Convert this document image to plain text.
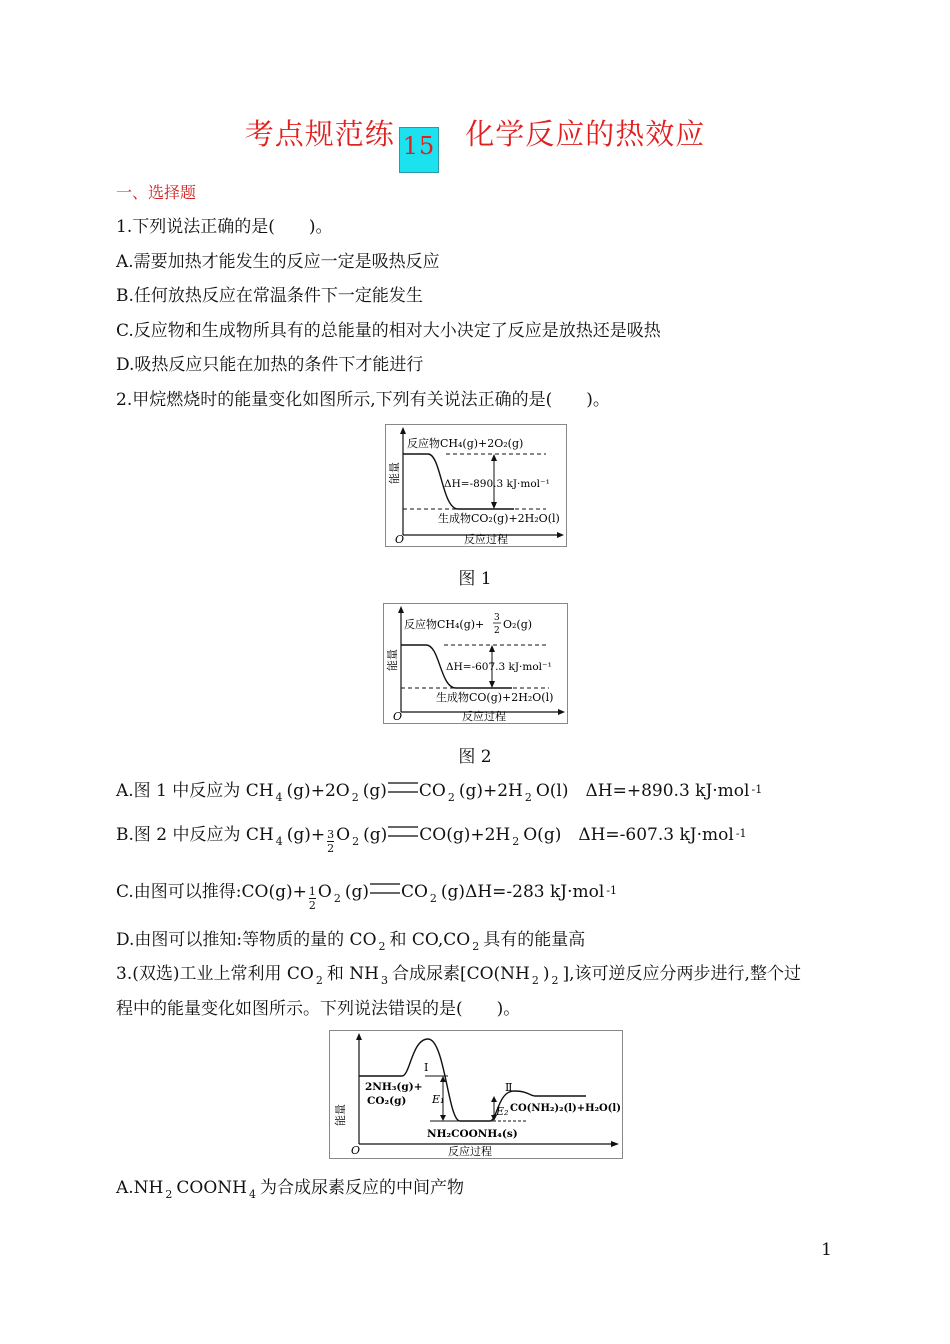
考点规范练 15 化学反应的热效应
一、选择题
1.下列说法正确的是(　　)。
A.需要加热才能发生的反应一定是吸热反应
B.任何放热反应在常温条件下一定能发生
C.反应物和生成物所具有的总能量的相对大小决定了反应是放热还是吸热
D.吸热反应只能在加热的条件下才能进行
2.甲烷燃烧时的能量变化如图所示,下列有关说法正确的是(　　)。
反应物CH₄(g)+2O₂(g)
ΔH=-890.3 kJ·mol⁻¹
生成物CO₂(g)+2H₂O(l)
O	反应过程
能量
图 1
反应物CH₄(g)+ 3
2 O₂(g)
ΔH=-607.3 kJ·mol⁻¹
生成物CO(g)+2H₂O(l)
O	反应过程
能量
图 2
A.图 1 中反应为 CH $_4$ (g)+2O $_2$ (g) CO $_2$ (g)+2H $_2$ O(l)　ΔH=+890.3 kJ·mol $^{-1}$
B.图 2 中反应为 CH $_4$ $(g)+ \frac{3}{2}$ O $_2$ (g) CO(g)+2H $_2$ O(g)　ΔH=-607.3 kJ·mol $^{-1}$
C.由图可以推得:CO(g)+ $\frac{1}{2}$ O $_2$ (g) CO $_2$ (g)ΔH=-283 kJ·mol $^{-1}$
D.由图可以推知:等物质的量的 CO $_2$ 和 CO,CO $_2$ 具有的能量高
3.(双选)工业上常利用 CO $_2$ 和 NH $_3$ 合成尿素[CO(NH $_2$ ) $_2$ ],该可逆反应分两步进行,整个过
程中的能量变化如图所示。下列说法错误的是(　　)。
Ⅰ
Ⅱ
2NH₃(g)+
CO₂(g) E₁
E₂ CO(NH₂)₂(l)+H₂O(l)
NH₂COONH₄(s)
O	反应过程
能量
A.NH $_2$ COONH $_4$ 为合成尿素反应的中间产物
1
